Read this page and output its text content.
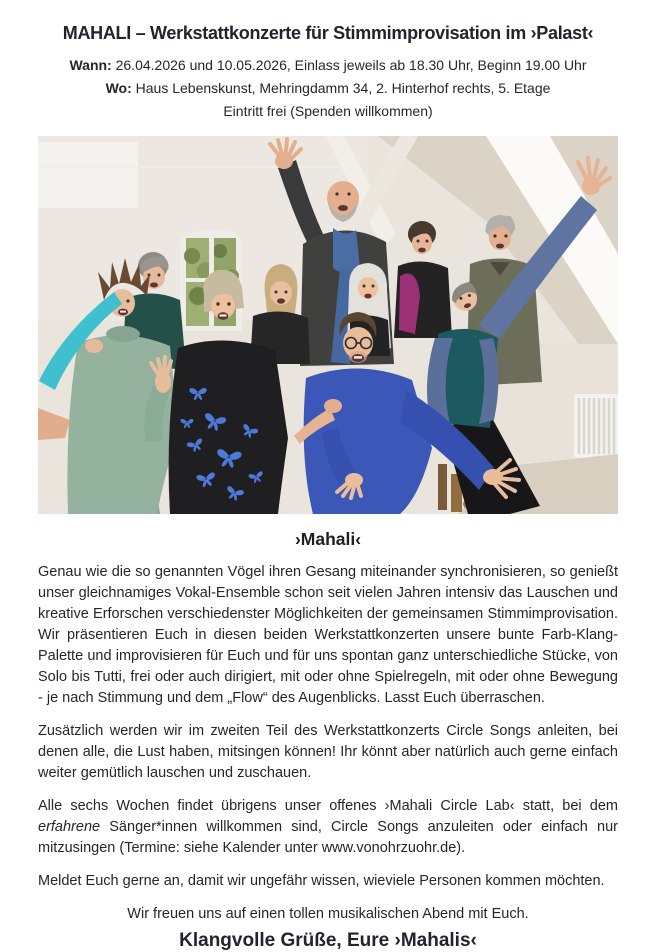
MAHALI – Werkstattkonzerte für Stimmimprovisation im ›Palast‹
Wann: 26.04.2026 und 10.05.2026, Einlass jeweils ab 18.30 Uhr, Beginn 19.00 Uhr
Wo: Haus Lebenskunst, Mehringdamm 34, 2. Hinterhof rechts, 5. Etage
Eintritt frei (Spenden willkommen)
›Mahali‹

Genau wie die so genannten Vögel ihren Gesang miteinander synchronisieren, so genießt unser gleichnamiges Vokal-Ensemble schon seit vielen Jahren intensiv das Lauschen und kreative Erforschen verschiedenster Möglichkeiten der gemeinsamen Stimmimprovisation. Wir präsentieren Euch in diesen beiden Werkstattkonzerten unsere bunte Farb-Klang-Palette und improvisieren für Euch und für uns spontan ganz unterschiedliche Stücke, von Solo bis Tutti, frei oder auch dirigiert, mit oder ohne Spielregeln, mit oder ohne Bewegung - je nach Stimmung und dem „Flow“ des Augenblicks. Lasst Euch überraschen.

Zusätzlich werden wir im zweiten Teil des Werkstattkonzerts Circle Songs anleiten, bei denen alle, die Lust haben, mitsingen können! Ihr könnt aber natürlich auch gerne einfach weiter gemütlich lauschen und zuschauen.

Alle sechs Wochen findet übrigens unser offenes ›Mahali Circle Lab‹ statt, bei dem erfahrene Sänger*innen willkommen sind, Circle Songs anzuleiten oder einfach nur mitzusingen (Termine: siehe Kalender unter www.vonohrzuohr.de).

Meldet Euch gerne an, damit wir ungefähr wissen, wieviele Personen kommen möchten.

Wir freuen uns auf einen tollen musikalischen Abend mit Euch.

Klangvolle Grüße, Eure ›Mahalis‹
